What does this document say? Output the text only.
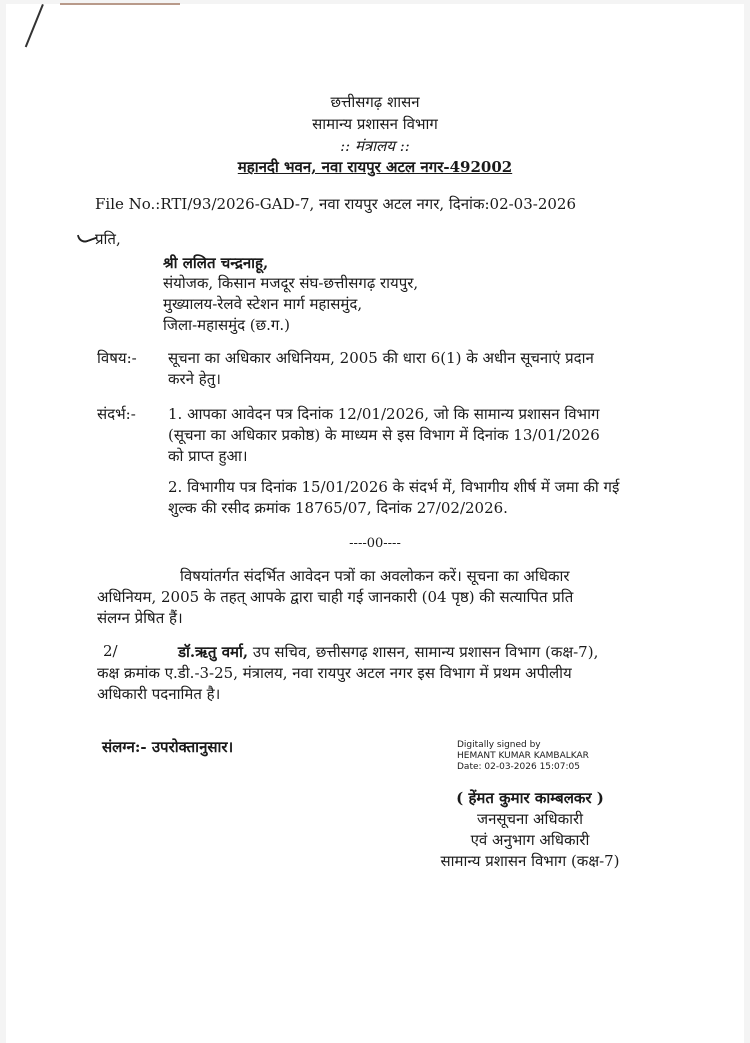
छत्तीसगढ़ शासन
सामान्य प्रशासन विभाग
:: मंत्रालय ::
महानदी भवन, नवा रायपुर अटल नगर-492002
File No.:RTI/93/2026-GAD-7, नवा रायपुर अटल नगर, दिनांक:02-03-2026
प्रति,
श्री ललित चन्द्रनाहू,
संयोजक, किसान मजदूर संघ-छत्तीसगढ़ रायपुर,
मुख्यालय-रेलवे स्टेशन मार्ग महासमुंद,
जिला-महासमुंद (छ.ग.)
विषय:- सूचना का अधिकार अधिनियम, 2005 की धारा 6(1) के अधीन सूचनाएं प्रदान
करने हेतु।
संदर्भ:- 1. आपका आवेदन पत्र दिनांक 12/01/2026, जो कि सामान्य प्रशासन विभाग
(सूचना का अधिकार प्रकोष्ठ) के माध्यम से इस विभाग में दिनांक 13/01/2026
को प्राप्त हुआ।
2. विभागीय पत्र दिनांक 15/01/2026 के संदर्भ में, विभागीय शीर्ष में जमा की गई
शुल्क की रसीद क्रमांक 18765/07, दिनांक 27/02/2026.
----00----
विषयांतर्गत संदर्भित आवेदन पत्रों का अवलोकन करें। सूचना का अधिकार
अधिनियम, 2005 के तहत् आपके द्वारा चाही गई जानकारी (04 पृष्ठ) की सत्यापित प्रति
संलग्न प्रेषित हैं।
2/	डॉ.ऋतु वर्मा, उप सचिव, छत्तीसगढ़ शासन, सामान्य प्रशासन विभाग (कक्ष-7),
कक्ष क्रमांक ए.डी.-3-25, मंत्रालय, नवा रायपुर अटल नगर इस विभाग में प्रथम अपीलीय
अधिकारी पदनामित है।
संलग्न:- उपरोक्तानुसार।	Digitally signed by
HEMANT KUMAR KAMBALKAR
Date: 02-03-2026 15:07:05
( हेंमत कुमार काम्बलकर )
जनसूचना अधिकारी
एवं अनुभाग अधिकारी
सामान्य प्रशासन विभाग (कक्ष-7)
